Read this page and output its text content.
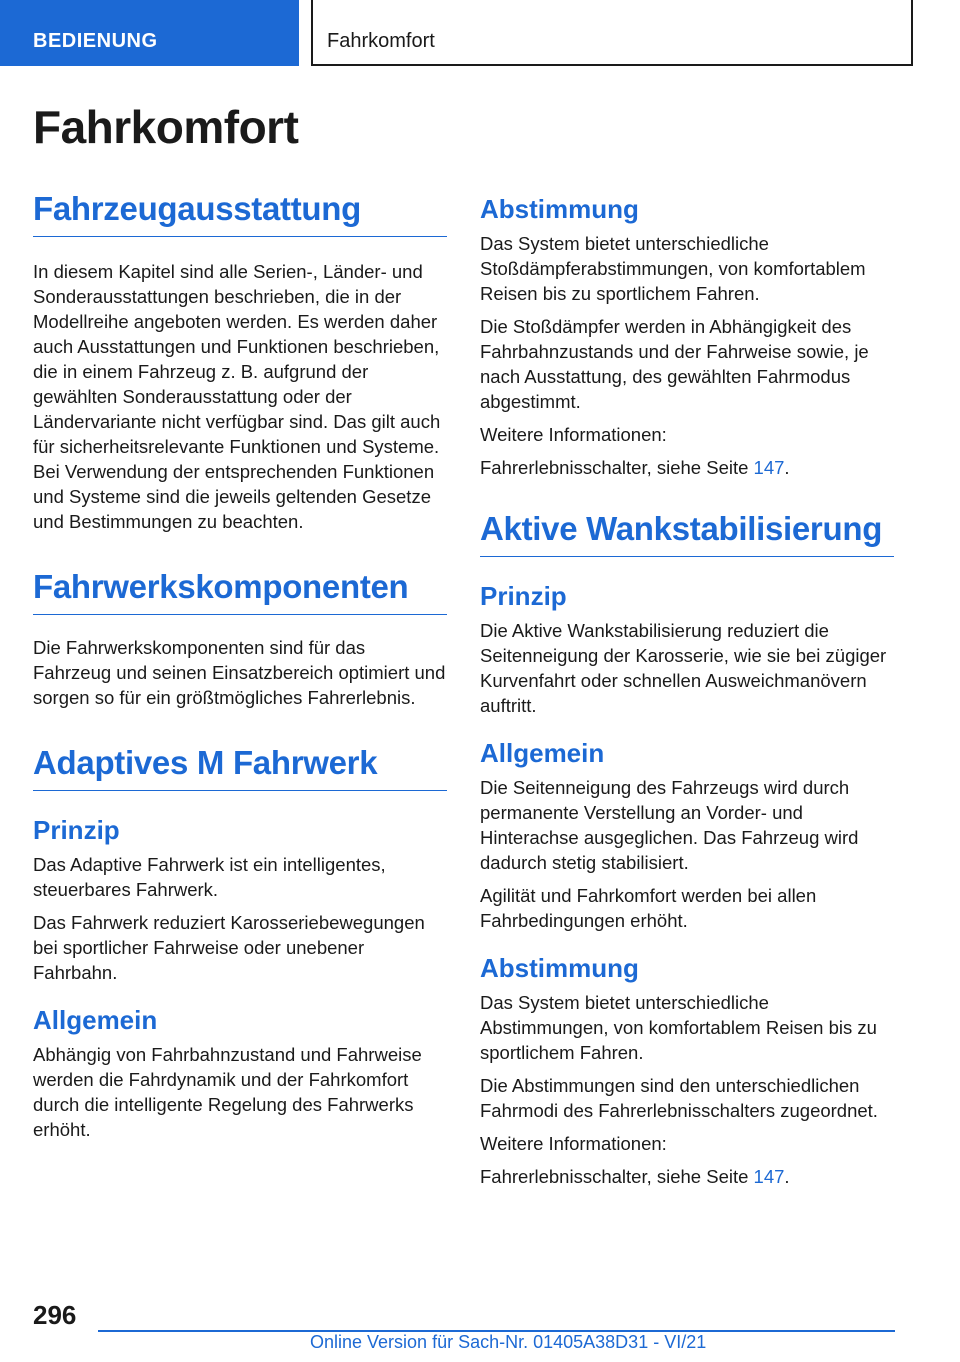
BEDIENUNG	Fahrkomfort
Fahrkomfort
Fahrzeugausstattung

In diesem Kapitel sind alle Serien-, Länder- und Sonderausstattungen beschrieben, die in der Modellreihe angeboten werden. Es werden daher auch Ausstattungen und Funktionen beschrieben, die in einem Fahrzeug z. B. aufgrund der gewählten Sonderausstattung oder der Ländervariante nicht verfügbar sind. Das gilt auch für sicherheitsrelevante Funktionen und Systeme. Bei Verwendung der entsprechenden Funktionen und Systeme sind die jeweils geltenden Gesetze und Bestimmungen zu beachten.

Fahrwerkskomponenten

Die Fahrwerkskomponenten sind für das Fahrzeug und seinen Einsatzbereich optimiert und sorgen so für ein größtmögliches Fahrerlebnis.

Adaptives M Fahrwerk
Prinzip

Das Adaptive Fahrwerk ist ein intelligentes, steuerbares Fahrwerk.

Das Fahrwerk reduziert Karosseriebewegungen bei sportlicher Fahrweise oder unebener Fahrbahn.

Allgemein

Abhängig von Fahrbahnzustand und Fahrweise werden die Fahrdynamik und der Fahrkomfort durch die intelligente Regelung des Fahrwerks erhöht.

Abstimmung

Das System bietet unterschiedliche Stoßdämpferabstimmungen, von komfortablem Reisen bis zu sportlichem Fahren.

Die Stoßdämpfer werden in Abhängigkeit des Fahrbahnzustands und der Fahrweise sowie, je nach Ausstattung, des gewählten Fahrmodus abgestimmt.

Weitere Informationen:

Fahrerlebnisschalter, siehe Seite 147.

Aktive Wankstabilisierung
Prinzip

Die Aktive Wankstabilisierung reduziert die Seitenneigung der Karosserie, wie sie bei zügiger Kurvenfahrt oder schnellen Ausweichmanövern auftritt.

Allgemein

Die Seitenneigung des Fahrzeugs wird durch permanente Verstellung an Vorder- und Hinterachse ausgeglichen. Das Fahrzeug wird dadurch stetig stabilisiert.

Agilität und Fahrkomfort werden bei allen Fahrbedingungen erhöht.

Abstimmung

Das System bietet unterschiedliche Abstimmungen, von komfortablem Reisen bis zu sportlichem Fahren.

Die Abstimmungen sind den unterschiedlichen Fahrmodi des Fahrerlebnisschalters zugeordnet.

Weitere Informationen:

Fahrerlebnisschalter, siehe Seite 147.

296
Online Version für Sach-Nr. 01405A38D31 - VI/21
